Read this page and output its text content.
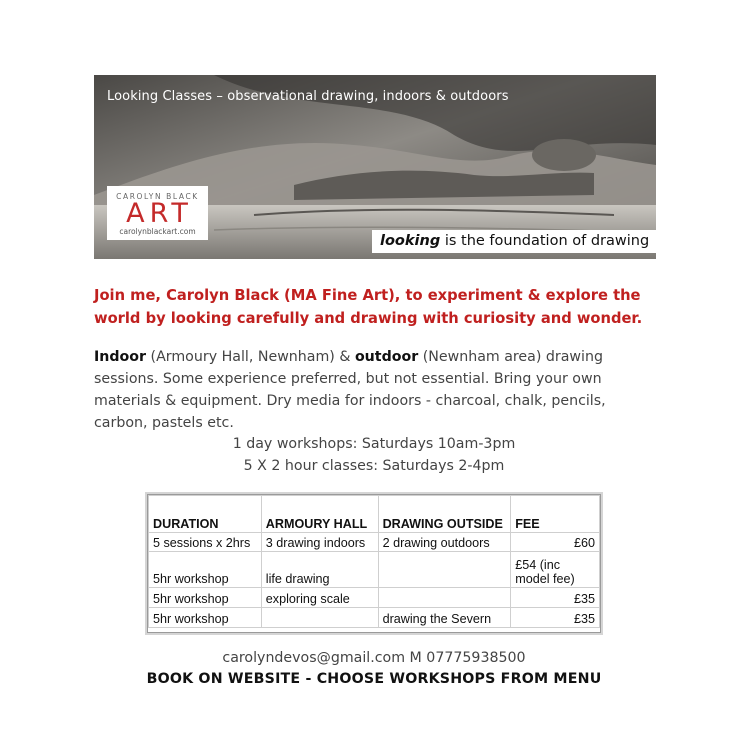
Looking Classes – observational drawing, indoors & outdoors
CAROLYN BLACK
ART
carolynblackart.com
looking is the foundation of drawing
Join me, Carolyn Black (MA Fine Art), to experiment & explore the world by looking carefully and drawing with curiosity and wonder.
Indoor (Armoury Hall, Newnham) & outdoor (Newnham area) drawing sessions. Some experience preferred, but not essential. Bring your own materials & equipment. Dry media for indoors - charcoal, chalk, pencils, carbon, pastels etc.
1 day workshops: Saturdays 10am-3pm
5 X 2 hour classes: Saturdays 2-4pm
DURATION	ARMOURY HALL	DRAWING OUTSIDE	FEE
5 sessions x 2hrs	3 drawing indoors	2 drawing outdoors	£60
5hr workshop	life drawing		£54 (inc model fee)
5hr workshop	exploring scale		£35
5hr workshop		drawing the Severn	£35
carolyndevos@gmail.com M 07775938500
BOOK ON WEBSITE - CHOOSE WORKSHOPS FROM MENU
